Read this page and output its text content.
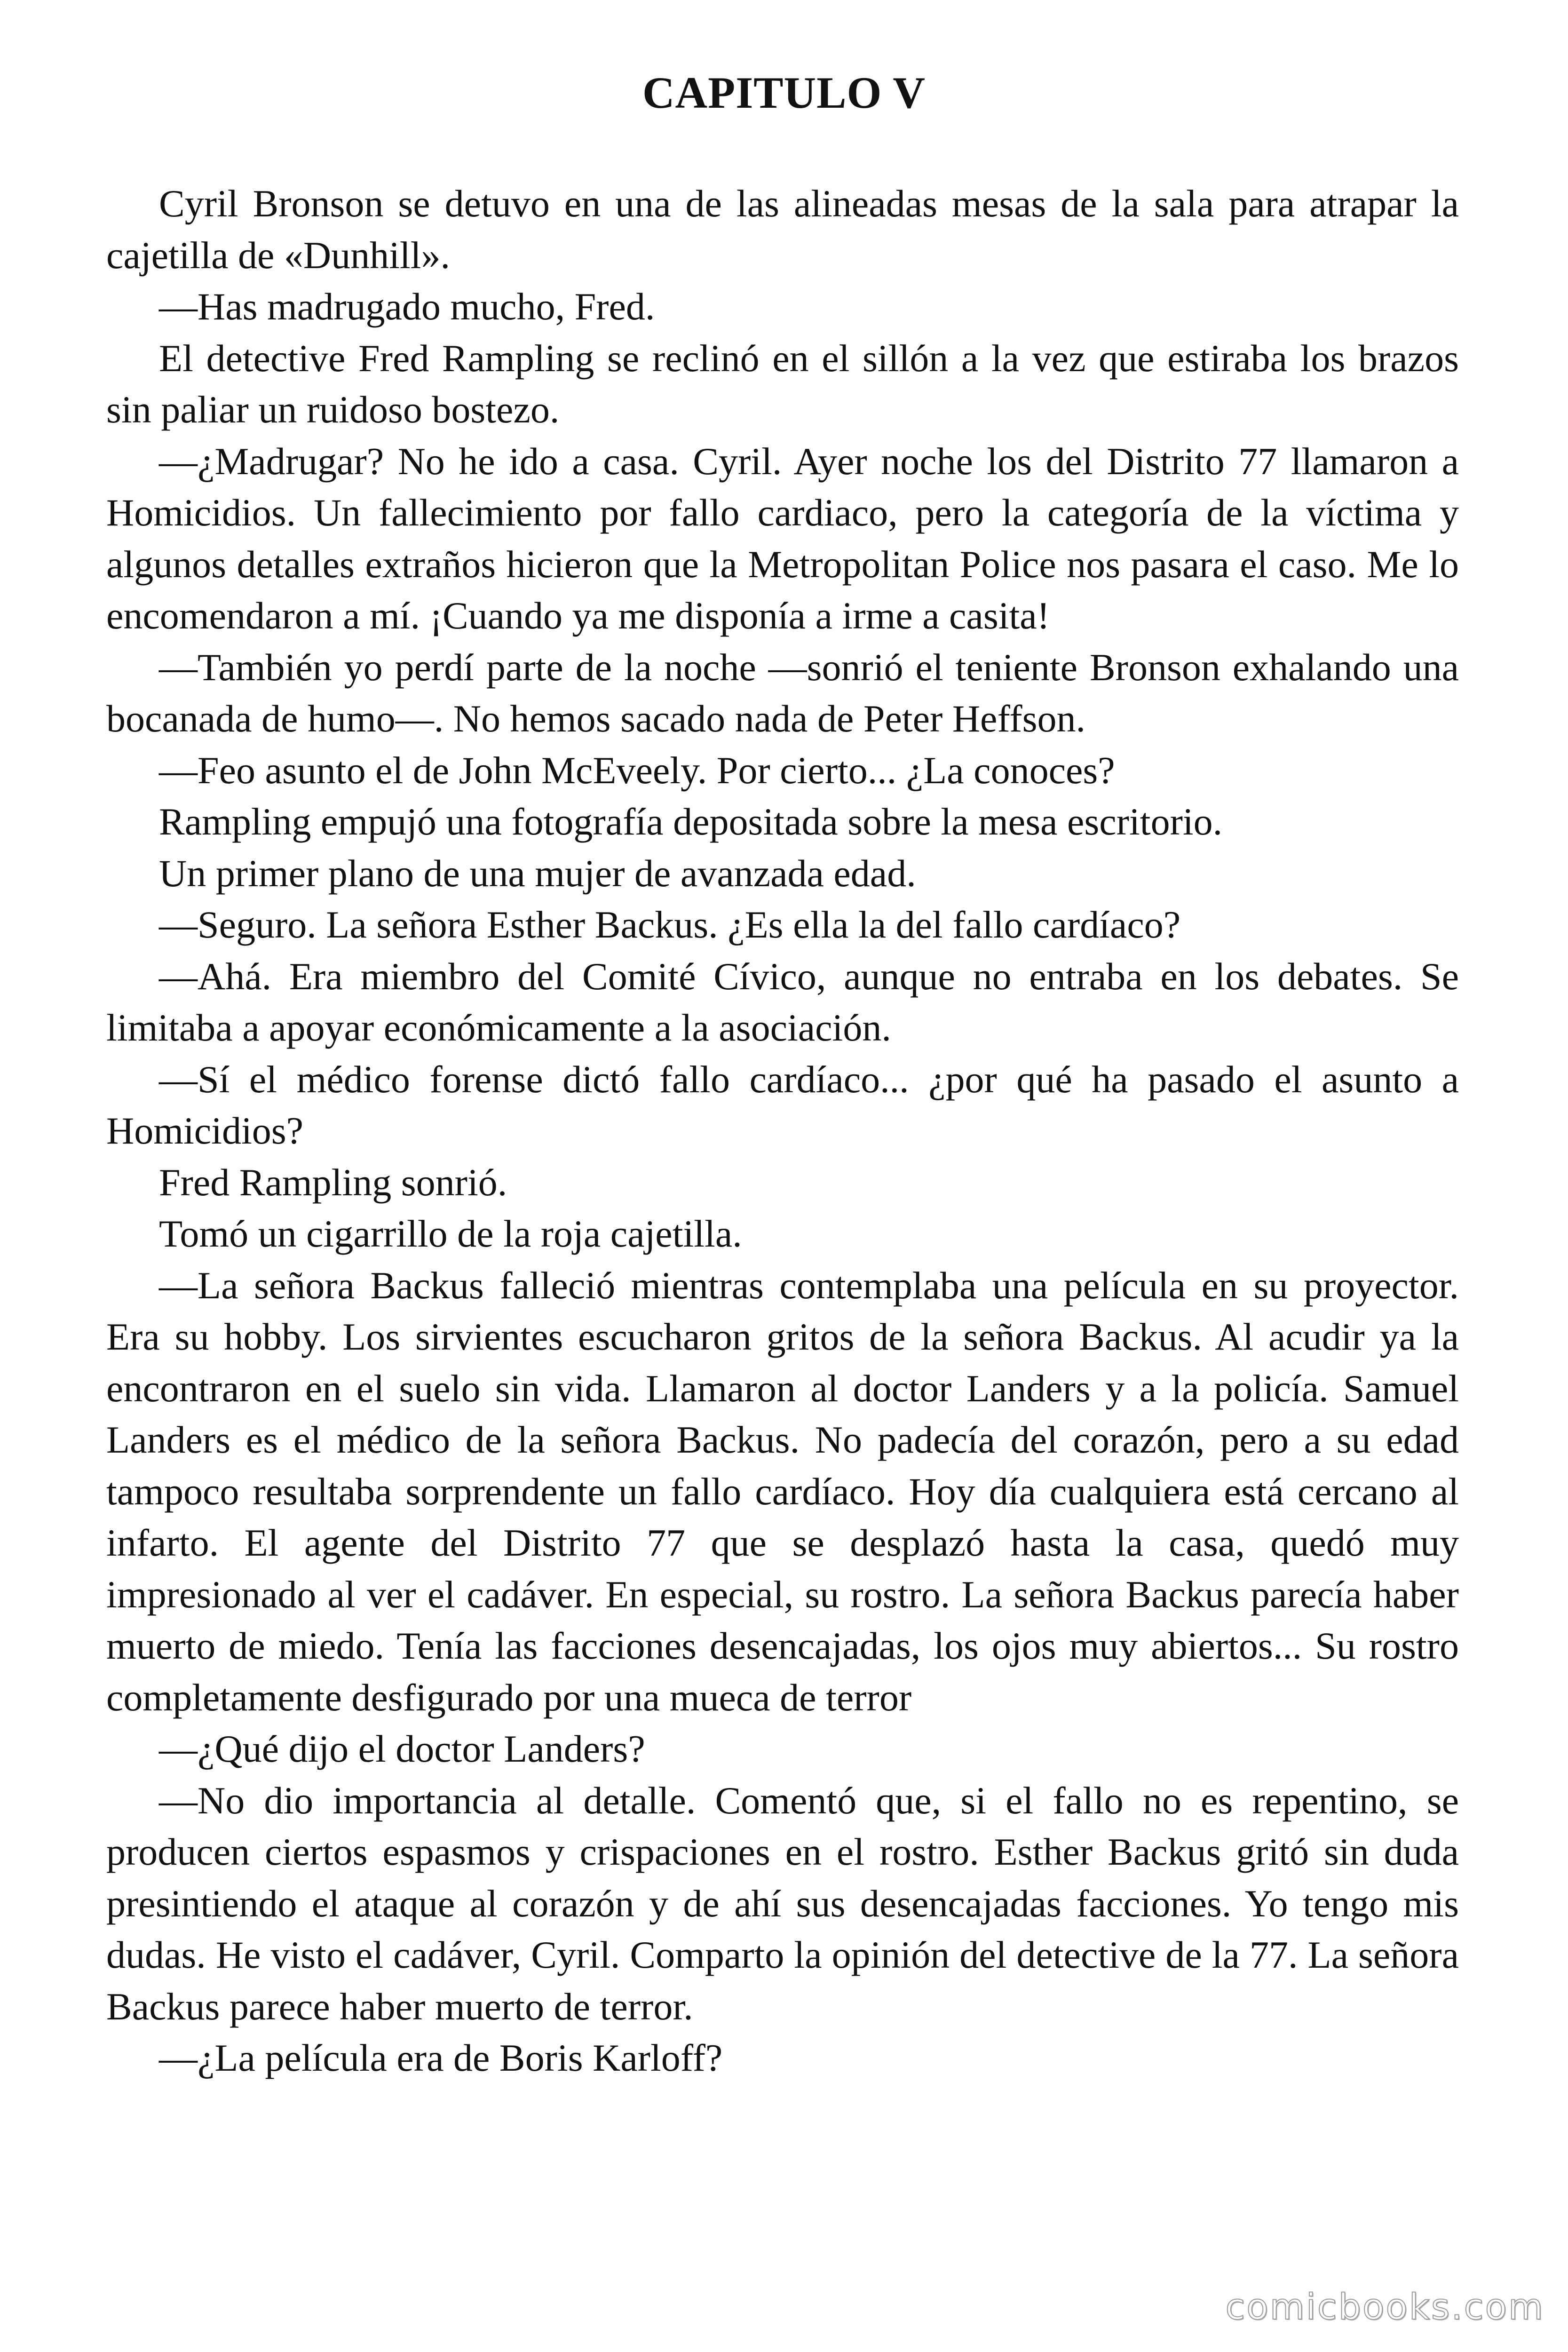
CAPITULO V

Cyril Bronson se detuvo en una de las alineadas mesas de la sala para atrapar la cajetilla de «Dunhill».

—Has madrugado mucho, Fred.

El detective Fred Rampling se reclinó en el sillón a la vez que estiraba los brazos sin paliar un ruidoso bostezo.

—¿Madrugar? No he ido a casa. Cyril. Ayer noche los del Distrito 77 llamaron a Homicidios. Un fallecimiento por fallo cardiaco, pero la categoría de la víctima y algunos detalles extraños hicieron que la Metropolitan Police nos pasara el caso. Me lo encomendaron a mí. ¡Cuando ya me disponía a irme a casita!

—También yo perdí parte de la noche —sonrió el teniente Bronson exhalando una bocanada de humo—. No hemos sacado nada de Peter Heffson.

—Feo asunto el de John McEveely. Por cierto... ¿La conoces?

Rampling empujó una fotografía depositada sobre la mesa escritorio.

Un primer plano de una mujer de avanzada edad.

—Seguro. La señora Esther Backus. ¿Es ella la del fallo cardíaco?

—Ahá. Era miembro del Comité Cívico, aunque no entraba en los debates. Se limitaba a apoyar económicamente a la asociación.

—Sí el médico forense dictó fallo cardíaco... ¿por qué ha pasado el asunto a Homicidios?

Fred Rampling sonrió.

Tomó un cigarrillo de la roja cajetilla.

—La señora Backus falleció mientras contemplaba una película en su proyector. Era su hobby. Los sirvientes escucharon gritos de la señora Backus. Al acudir ya la encontraron en el suelo sin vida. Llamaron al doctor Landers y a la policía. Samuel Landers es el médico de la señora Backus. No padecía del corazón, pero a su edad tampoco resultaba sorprendente un fallo cardíaco. Hoy día cualquiera está cercano al infarto. El agente del Distrito 77 que se desplazó hasta la casa, quedó muy impresionado al ver el cadáver. En especial, su rostro. La señora Backus parecía haber muerto de miedo. Tenía las facciones desencajadas, los ojos muy abiertos... Su rostro completamente desfigurado por una mueca de terror

—¿Qué dijo el doctor Landers?

—No dio importancia al detalle. Comentó que, si el fallo no es repentino, se producen ciertos espasmos y crispaciones en el rostro. Esther Backus gritó sin duda presintiendo el ataque al corazón y de ahí sus desencajadas facciones. Yo tengo mis dudas. He visto el cadáver, Cyril. Comparto la opinión del detective de la 77. La señora Backus parece haber muerto de terror.

—¿La película era de Boris Karloff?

comicbooks.com
